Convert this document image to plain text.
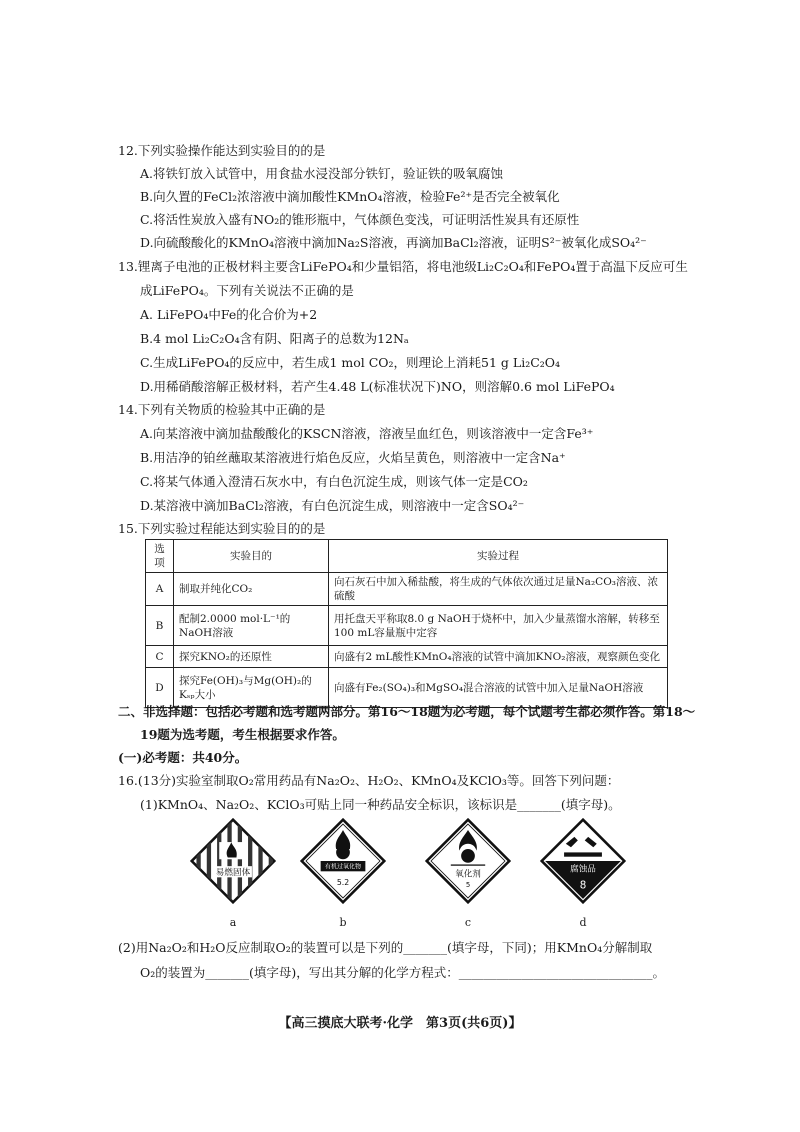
12.下列实验操作能达到实验目的的是
A.将铁钉放入试管中，用食盐水浸没部分铁钉，验证铁的吸氧腐蚀
B.向久置的FeCl₂浓溶液中滴加酸性KMnO₄溶液，检验Fe²⁺是否完全被氧化
C.将活性炭放入盛有NO₂的锥形瓶中，气体颜色变浅，可证明活性炭具有还原性
D.向硫酸酸化的KMnO₄溶液中滴加Na₂S溶液，再滴加BaCl₂溶液，证明S²⁻被氧化成SO₄²⁻
13.锂离子电池的正极材料主要含LiFePO₄和少量铝箔，将电池级Li₂C₂O₄和FePO₄置于高温下反应可生
成LiFePO₄。下列有关说法不正确的是
A. LiFePO₄中Fe的化合价为+2
B.4 mol Li₂C₂O₄含有阴、阳离子的总数为12Nₐ
C.生成LiFePO₄的反应中，若生成1 mol CO₂，则理论上消耗51 g Li₂C₂O₄
D.用稀硝酸溶解正极材料，若产生4.48 L(标准状况下)NO，则溶解0.6 mol LiFePO₄
14.下列有关物质的检验其中正确的是
A.向某溶液中滴加盐酸酸化的KSCN溶液，溶液呈血红色，则该溶液中一定含Fe³⁺
B.用洁净的铂丝蘸取某溶液进行焰色反应，火焰呈黄色，则溶液中一定含Na⁺
C.将某气体通入澄清石灰水中，有白色沉淀生成，则该气体一定是CO₂
D.某溶液中滴加BaCl₂溶液，有白色沉淀生成，则溶液中一定含SO₄²⁻
15.下列实验过程能达到实验目的的是
选项	实验目的	实验过程
A	制取并纯化CO₂	向石灰石中加入稀盐酸，将生成的气体依次通过足量Na₂CO₃溶液、浓硫酸
B	配制2.0000 mol·L⁻¹的NaOH溶液	用托盘天平称取8.0 g NaOH于烧杯中，加入少量蒸馏水溶解，转移至100 mL容量瓶中定容
C	探究KNO₂的还原性	向盛有2 mL酸性KMnO₄溶液的试管中滴加KNO₂溶液，观察颜色变化
D	探究Fe(OH)₃与Mg(OH)₂的Kₛₚ大小	向盛有Fe₂(SO₄)₃和MgSO₄混合溶液的试管中加入足量NaOH溶液
二、非选择题：包括必考题和选考题两部分。第16～18题为必考题，每个试题考生都必须作答。第18～
19题为选考题，考生根据要求作答。
(一)必考题：共40分。
16.(13分)实验室制取O₂常用药品有Na₂O₂、H₂O₂、KMnO₄及KClO₃等。回答下列问题：
(1)KMnO₄、Na₂O₂、KClO₃可贴上同一种药品安全标识，该标识是_______(填字母)。
易燃固体
a
有机过氧化物
5.2
b
氧化剂
5
c
腐蚀品
8
d
(2)用Na₂O₂和H₂O反应制取O₂的装置可以是下列的_______(填字母，下同)；用KMnO₄分解制取
O₂的装置为_______(填字母)，写出其分解的化学方程式：_______________________________。
【高三摸底大联考·化学　第3页(共6页)】
